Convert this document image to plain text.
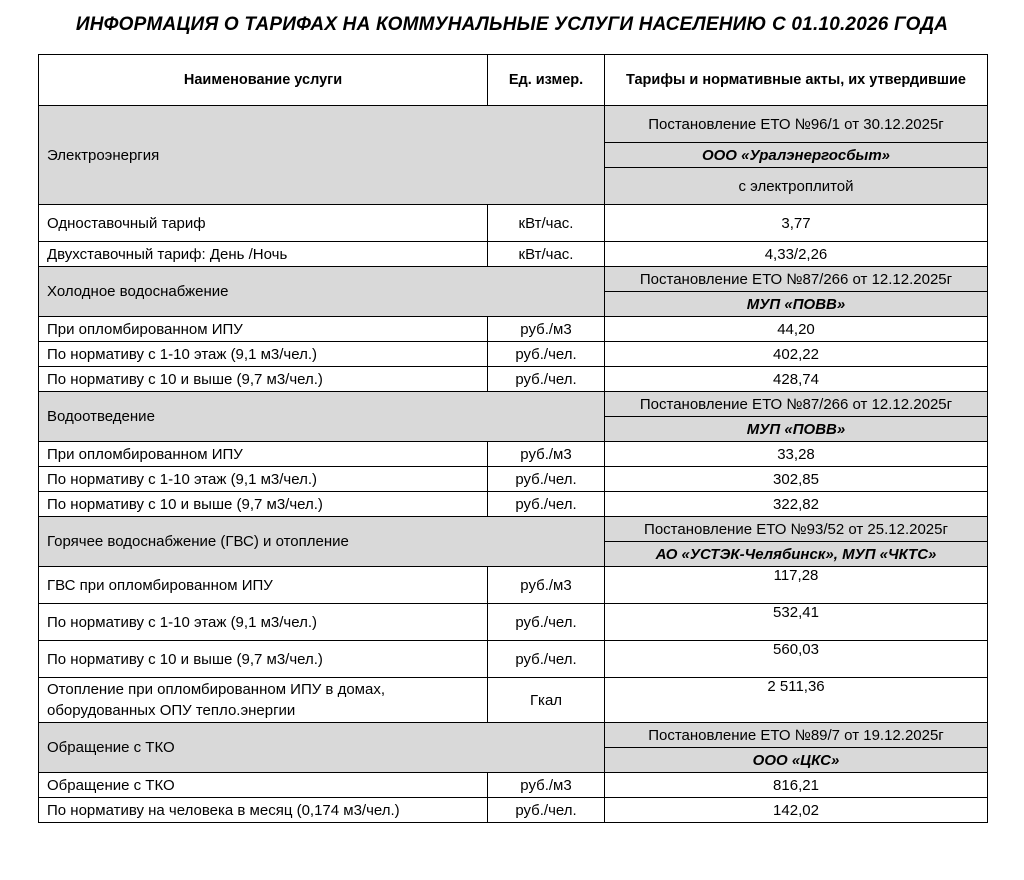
ИНФОРМАЦИЯ О ТАРИФАХ НА КОММУНАЛЬНЫЕ УСЛУГИ НАСЕЛЕНИЮ С 01.10.2026 ГОДА
Наименование услуги	Ед. измер.	Тарифы и нормативные акты, их утвердившие
Электроэнергия		Постановление ЕТО №96/1 от 30.12.2025г
		ООО «Уралэнергосбыт»
		с электроплитой
Одноставочный тариф	кВт/час.	3,77
Двухставочный тариф: День /Ночь	кВт/час.	4,33/2,26
Холодное водоснабжение		Постановление ЕТО №87/266 от 12.12.2025г
		МУП «ПОВВ»
При опломбированном ИПУ	руб./м3	44,20
По нормативу с 1-10 этаж (9,1 м3/чел.)	руб./чел.	402,22
По нормативу с 10 и выше (9,7 м3/чел.)	руб./чел.	428,74
Водоотведение		Постановление ЕТО №87/266 от 12.12.2025г
		МУП «ПОВВ»
При опломбированном ИПУ	руб./м3	33,28
По нормативу с 1-10 этаж (9,1 м3/чел.)	руб./чел.	302,85
По нормативу с 10 и выше (9,7 м3/чел.)	руб./чел.	322,82
Горячее водоснабжение (ГВС) и отопление		Постановление ЕТО №93/52 от 25.12.2025г
		АО «УСТЭК-Челябинск», МУП «ЧКТС»
ГВС при опломбированном ИПУ	руб./м3	117,28
По нормативу с 1-10 этаж (9,1 м3/чел.)	руб./чел.	532,41
По нормативу с 10 и выше (9,7 м3/чел.)	руб./чел.	560,03
Отопление при опломбированном ИПУ в домах, оборудованных ОПУ тепло.энергии	Гкал	2 511,36
Обращение с ТКО		Постановление ЕТО №89/7 от 19.12.2025г
		ООО «ЦКС»
Обращение с ТКО	руб./м3	816,21
По нормативу на человека в месяц (0,174 м3/чел.)	руб./чел.	142,02
